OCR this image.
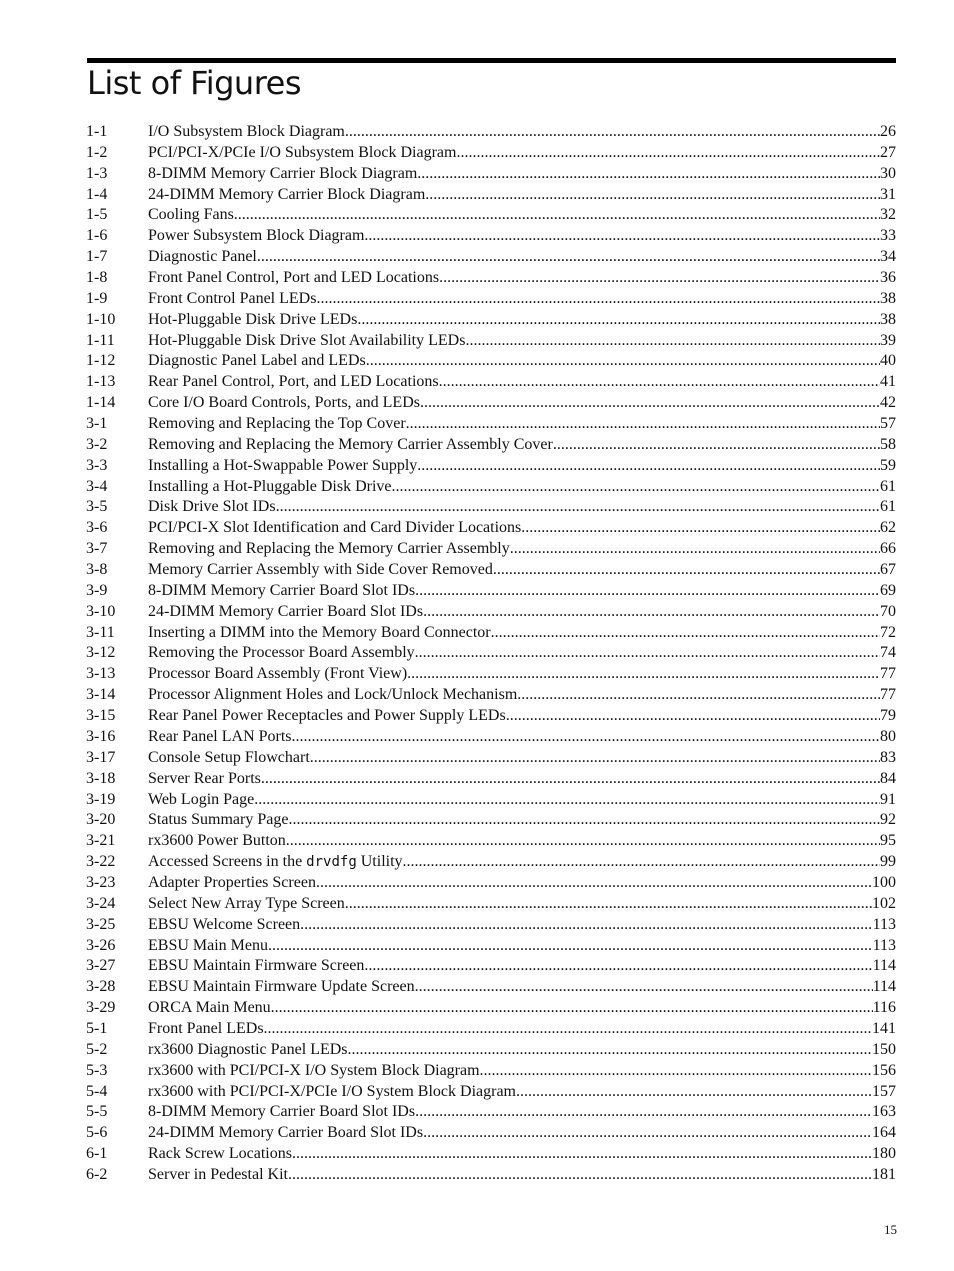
List of Figures
1-1	I/O Subsystem Block Diagram .....	26
1-2	PCI/PCI-X/PCIe I/O Subsystem Block Diagram .....	27
1-3	8-DIMM Memory Carrier Block Diagram .....	30
1-4	24-DIMM Memory Carrier Block Diagram .....	31
1-5	Cooling Fans .....	32
1-6	Power Subsystem Block Diagram .....	33
1-7	Diagnostic Panel .....	34
1-8	Front Panel Control, Port and LED Locations .....	36
1-9	Front Control Panel LEDs .....	38
1-10	Hot-Pluggable Disk Drive LEDs .....	38
1-11	Hot-Pluggable Disk Drive Slot Availability LEDs .....	39
1-12	Diagnostic Panel Label and LEDs .....	40
1-13	Rear Panel Control, Port, and LED Locations .....	41
1-14	Core I/O Board Controls, Ports, and LEDs .....	42
3-1	Removing and Replacing the Top Cover .....	57
3-2	Removing and Replacing the Memory Carrier Assembly Cover .....	58
3-3	Installing a Hot-Swappable Power Supply .....	59
3-4	Installing a Hot-Pluggable Disk Drive .....	61
3-5	Disk Drive Slot IDs .....	61
3-6	PCI/PCI-X Slot Identification and Card Divider Locations .....	62
3-7	Removing and Replacing the Memory Carrier Assembly .....	66
3-8	Memory Carrier Assembly with Side Cover Removed .....	67
3-9	8-DIMM Memory Carrier Board Slot IDs .....	69
3-10	24-DIMM Memory Carrier Board Slot IDs .....	70
3-11	Inserting a DIMM into the Memory Board Connector .....	72
3-12	Removing the Processor Board Assembly .....	74
3-13	Processor Board Assembly (Front View) .....	77
3-14	Processor Alignment Holes and Lock/Unlock Mechanism .....	77
3-15	Rear Panel Power Receptacles and Power Supply LEDs .....	79
3-16	Rear Panel LAN Ports .....	80
3-17	Console Setup Flowchart .....	83
3-18	Server Rear Ports .....	84
3-19	Web Login Page .....	91
3-20	Status Summary Page .....	92
3-21	rx3600 Power Button .....	95
3-22	Accessed Screens in the drvdfg Utility .....	99
3-23	Adapter Properties Screen .....	100
3-24	Select New Array Type Screen .....	102
3-25	EBSU Welcome Screen .....	113
3-26	EBSU Main Menu .....	113
3-27	EBSU Maintain Firmware Screen .....	114
3-28	EBSU Maintain Firmware Update Screen .....	114
3-29	ORCA Main Menu .....	116
5-1	Front Panel LEDs .....	141
5-2	rx3600 Diagnostic Panel LEDs .....	150
5-3	rx3600 with PCI/PCI-X I/O System Block Diagram .....	156
5-4	rx3600 with PCI/PCI-X/PCIe I/O System Block Diagram .....	157
5-5	8-DIMM Memory Carrier Board Slot IDs .....	163
5-6	24-DIMM Memory Carrier Board Slot IDs .....	164
6-1	Rack Screw Locations .....	180
6-2	Server in Pedestal Kit .....	181
15
